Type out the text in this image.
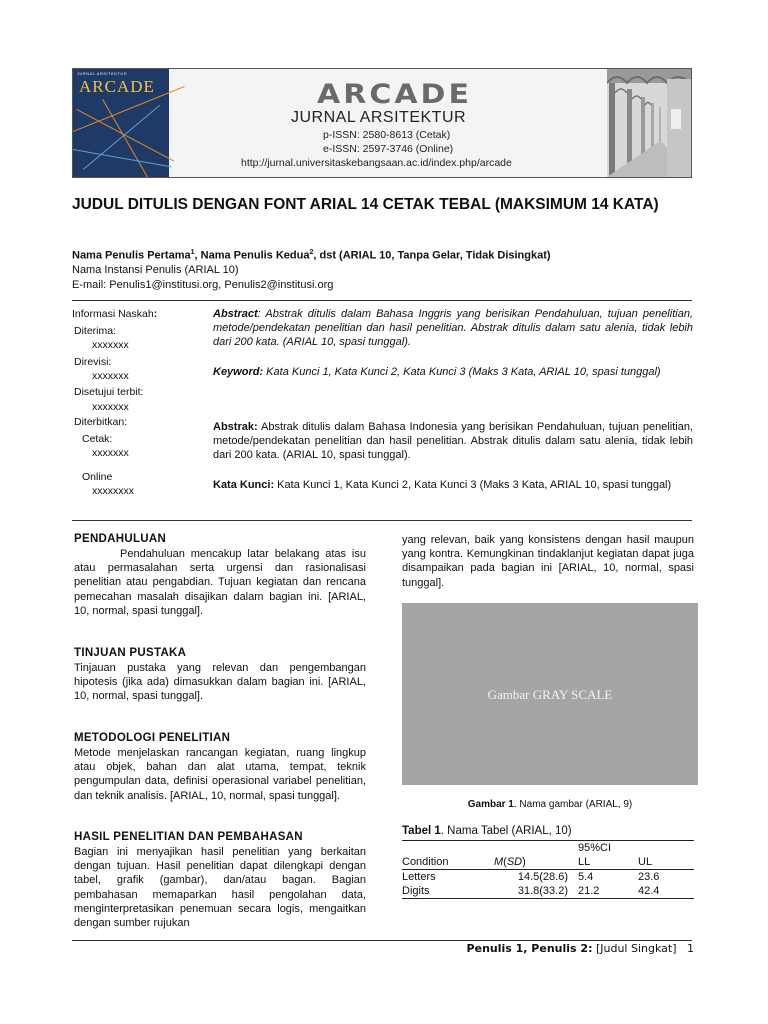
JURNAL ARSITEKTUR
ARCADE	ARCADE
JURNAL ARSITEKTUR
p-ISSN: 2580-8613 (Cetak)
e-ISSN: 2597-3746 (Online)
http://jurnal.universitaskebangsaan.ac.id/index.php/arcade
JUDUL DITULIS DENGAN FONT ARIAL 14 CETAK TEBAL (MAKSIMUM 14 KATA)
Nama Penulis Pertama$^1$, Nama Penulis Kedua$^2$, dst (ARIAL 10, Tanpa Gelar, Tidak Disingkat)
Nama Instansi Penulis (ARIAL 10)
E-mail: Penulis1@institusi.org, Penulis2@institusi.org
Informasi Naskah:
Diterima:
xxxxxxx
Direvisi:
xxxxxxx
Disetujui terbit:
xxxxxxx
Diterbitkan:
Cetak:
xxxxxxx
Online
xxxxxxxx
Abstract: Abstrak ditulis dalam Bahasa Inggris yang berisikan Pendahuluan, tujuan penelitian, metode/pendekatan penelitian dan hasil penelitian. Abstrak ditulis dalam satu alenia, tidak lebih dari 200 kata. (ARIAL 10, spasi tunggal).
Keyword: Kata Kunci 1, Kata Kunci 2, Kata Kunci 3 (Maks 3 Kata, ARIAL 10, spasi tunggal)
Abstrak: Abstrak ditulis dalam Bahasa Indonesia yang berisikan Pendahuluan, tujuan penelitian, metode/pendekatan penelitian dan hasil penelitian. Abstrak ditulis dalam satu alenia, tidak lebih dari 200 kata. (ARIAL 10, spasi tunggal).
Kata Kunci: Kata Kunci 1, Kata Kunci 2, Kata Kunci 3 (Maks 3 Kata, ARIAL 10, spasi tunggal)
PENDAHULUAN
Pendahuluan mencakup latar belakang atas isu atau permasalahan serta urgensi dan rasionalisasi penelitian atau pengabdian. Tujuan kegiatan dan rencana pemecahan masalah disajikan dalam bagian ini. [ARIAL, 10, normal, spasi tunggal].
TINJUAN PUSTAKA
Tinjauan pustaka yang relevan dan pengembangan hipotesis (jika ada) dimasukkan dalam bagian ini. [ARIAL, 10, normal, spasi tunggal].
METODOLOGI PENELITIAN
Metode menjelaskan rancangan kegiatan, ruang lingkup atau objek, bahan dan alat utama, tempat, teknik pengumpulan data, definisi operasional variabel penelitian, dan teknik analisis. [ARIAL, 10, normal, spasi tunggal].
HASIL PENELITIAN DAN PEMBAHASAN
Bagian ini menyajikan hasil penelitian yang berkaitan dengan tujuan. Hasil penelitian dapat dilengkapi dengan tabel, grafik (gambar), dan/atau bagan. Bagian pembahasan memaparkan hasil pengolahan data, menginterpretasikan penemuan secara logis, mengaitkan dengan sumber rujukan
yang relevan, baik yang konsistens dengan hasil maupun yang kontra. Kemungkinan tindaklanjut kegiatan dapat juga disampaikan pada bagian ini [ARIAL, 10, normal, spasi tunggal].
Gambar GRAY SCALE
Gambar 1. Nama gambar (ARIAL, 9)
Tabel 1. Nama Tabel (ARIAL, 10)

		95%CI	

Condition	M(SD)	LL	UL
Letters	14.5(28.6)	5.4	23.6
Digits	31.8(33.2)	21.2	42.4
Penulis 1, Penulis 2: [Judul Singkat] 1
